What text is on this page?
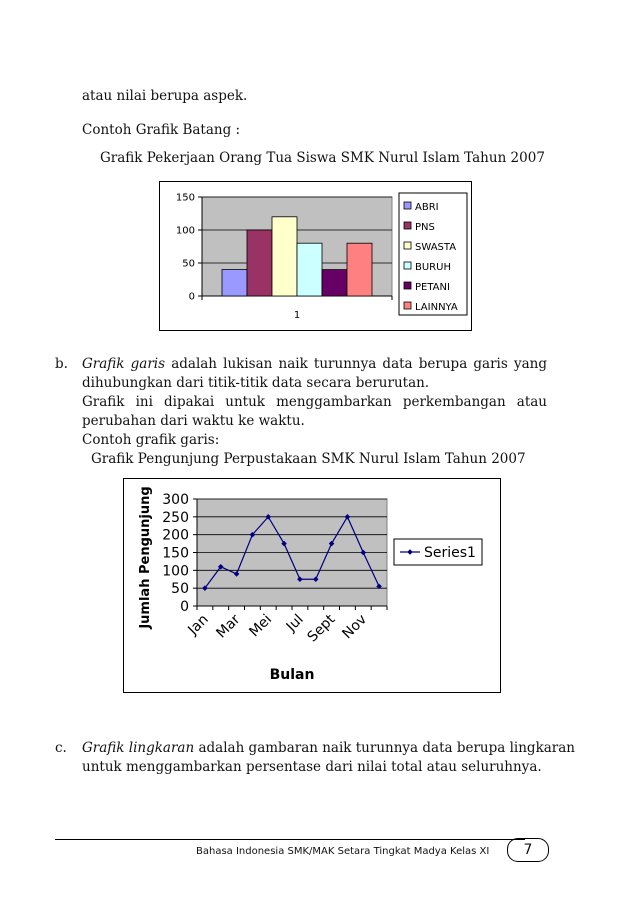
atau nilai berupa aspek.
Contoh Grafik Batang :
Grafik Pekerjaan Orang Tua Siswa SMK Nurul Islam Tahun 2007
0
50
100
150
1
ABRI
PNS
SWASTA
BURUH
PETANI
LAINNYA
b. Grafik garis adalah lukisan naik turunnya data berupa garis yang
dihubungkan dari titik-titik data secara berurutan.
Grafik ini dipakai untuk menggambarkan perkembangan atau
perubahan dari waktu ke waktu.
Contoh grafik garis:
Grafik Pengunjung Perpustakaan SMK Nurul Islam Tahun 2007
0
50
100
150
200
250
300
Jan Mar Mei Jul
Sept Nov
Bulan
Jumlah Pengunjung	Series1
c. Grafik lingkaran adalah gambaran naik turunnya data berupa lingkaran
untuk menggambarkan persentase dari nilai total atau seluruhnya.
Bahasa Indonesia SMK/MAK Setara Tingkat Madya Kelas XI	7
